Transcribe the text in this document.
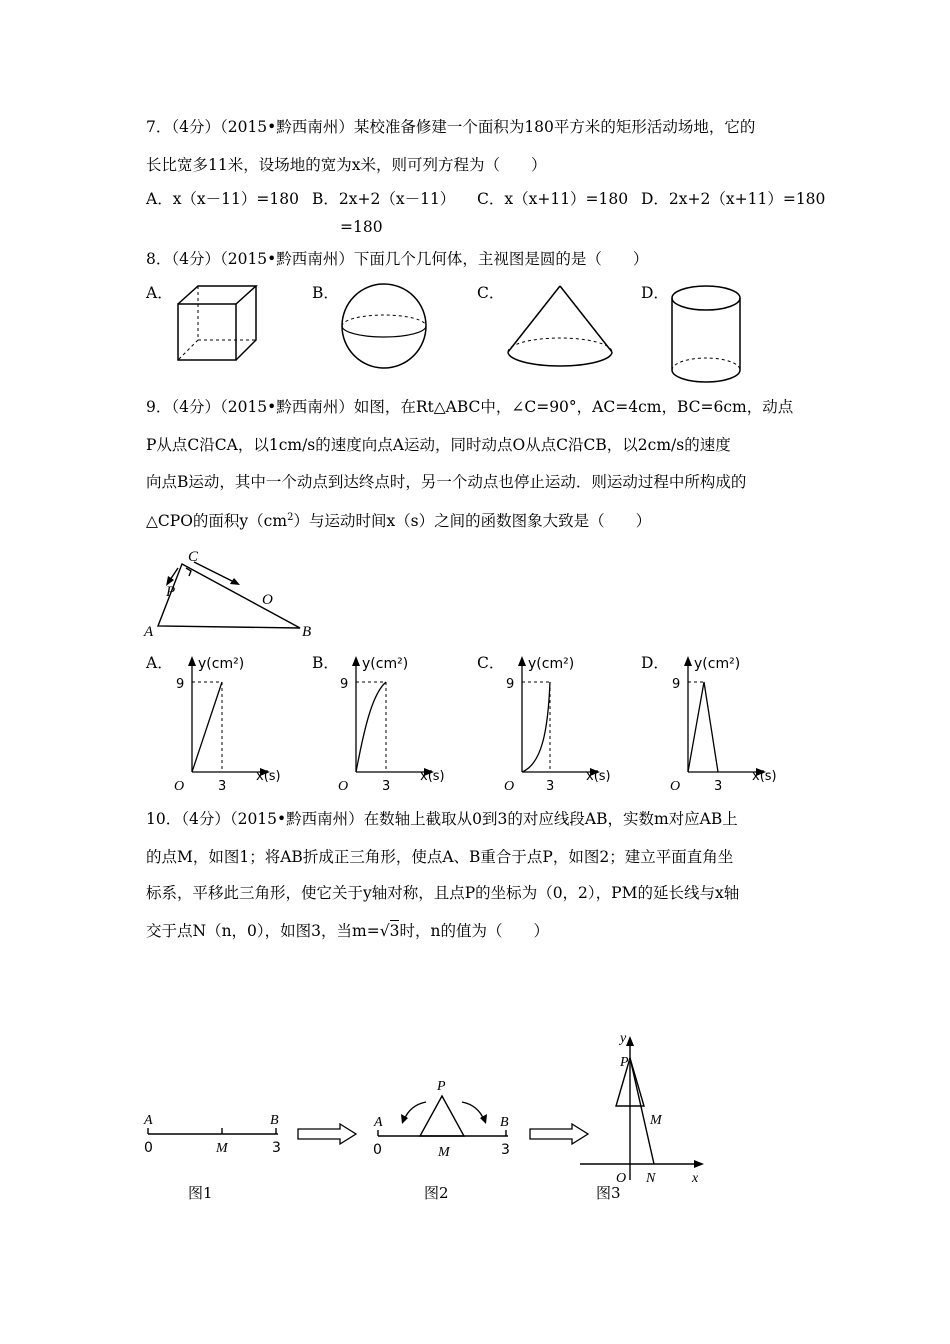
7．（4分）（2015•黔西南州）某校准备修建一个面积为180平方米的矩形活动场地，它的
长比宽多11米，设场地的宽为x米，则可列方程为（　　）
A．x（x－11）=180 B．2x+2（x－11）
=180
C．x（x+11）=180 D．2x+2（x+11）=180
8．（4分）（2015•黔西南州）下面几个几何体，主视图是圆的是（　　）
A．	B．	C．	D．
9．（4分）（2015•黔西南州）如图，在Rt△ABC中，∠C=90°，AC=4cm，BC=6cm，动点
P从点C沿CA，以1cm/s的速度向点A运动，同时动点O从点C沿CB，以2cm/s的速度
向点B运动，其中一个动点到达终点时，另一个动点也停止运动．则运动过程中所构成的
△CPO的面积$y(cm^2)$与运动时间x（s）之间的函数图象大致是（　　）
C
P	O
A	B
A．	B．	C．	D．
y(cm²)
9
3
O
x(s)
y(cm²)
9
3
O
x(s)
y(cm²)
9
3
O
x(s)
y(cm²)
9
3
O
x(s)
10．（4分）（2015•黔西南州）在数轴上截取从0到3的对应线段AB，实数m对应AB上
的点M，如图1；将AB折成正三角形，使点A、B重合于点P，如图2；建立平面直角坐
标系，平移此三角形，使它关于y轴对称，且点P的坐标为（0，2），PM的延长线与x轴
交于点N（n，0），如图3，当m=√3时，n的值为（　　）
A	B
M
0	3
图1
P
A	B
M
0	3
图2
y
P
M
O N	x
图3
